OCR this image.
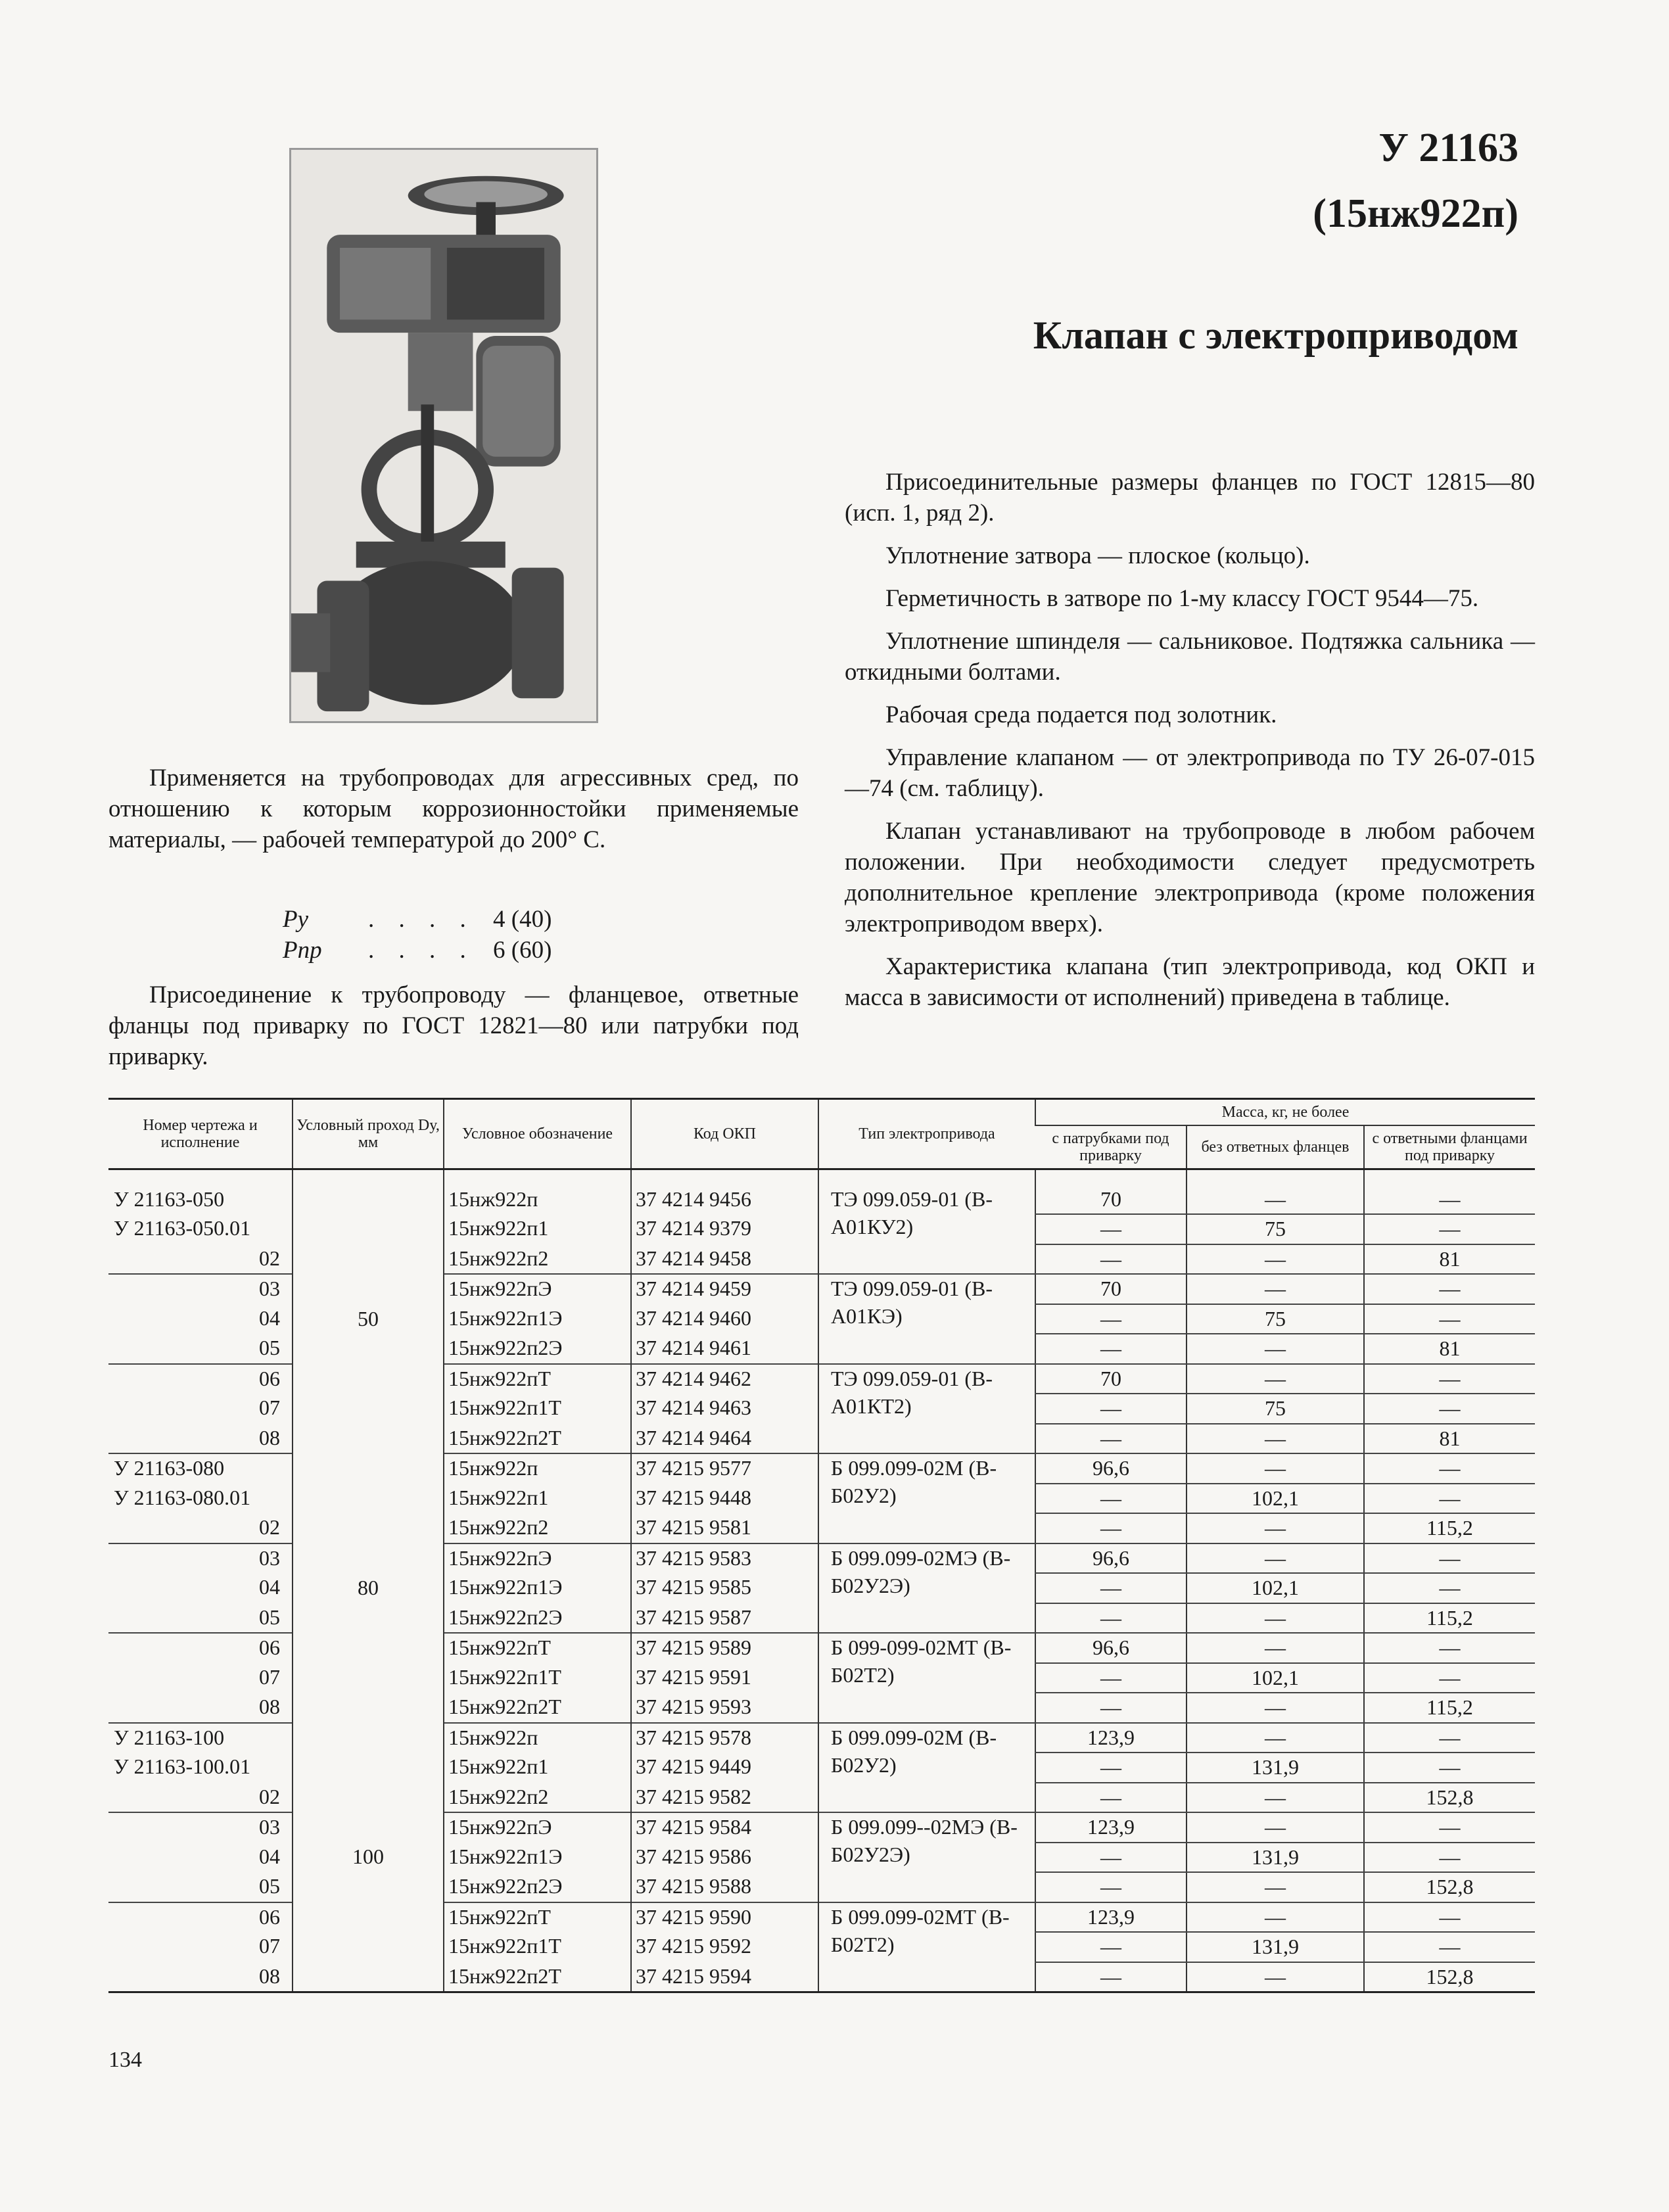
У 21163
(15нж922п)
Клапан с электроприводом

Применяется на трубопроводах для агрессивных сред, по отношению к которым коррозионностойки применяемые материалы, — рабочей температурой до 200° С.

Pу	. . . . 4 (40)
Pпр	. . . . 6 (60)

Присоединение к трубопроводу — фланцевое, ответные фланцы под приварку по ГОСТ 12821—80 или патрубки под приварку.

Присоединительные размеры фланцев по ГОСТ 12815—80 (исп. 1, ряд 2).

Уплотнение затвора — плоское (кольцо).

Герметичность в затворе по 1-му классу ГОСТ 9544—75.

Уплотнение шпинделя — сальниковое. Подтяжка сальника — откидными болтами.

Рабочая среда подается под золотник.

Управление клапаном — от электропривода по ТУ 26-07-015—74 (см. таблицу).

Клапан устанавливают на трубопроводе в любом рабочем положении. При необходимости следует предусмотреть дополнительное крепление электропривода (кроме положения электроприводом вверх).

Характеристика клапана (тип электропривода, код ОКП и масса в зависимости от исполнений) приведена в таблице.

Номер чертежа и исполнение	Условный проход Dу, мм	Условное обозначение	Код ОКП	Тип электропривода	Масса, кг, не более		
					с патрубками под приварку	без ответных фланцев	с ответными фланцами под приварку

У 21163-050	50	15нж922п	37 4214 9456	ТЭ 099.059-01 (В-А01КУ2)	70	—	—
У 21163-050.01		15нж922п1	37 4214 9379		—	75	—
02		15нж922п2	37 4214 9458		—	—	81
03		15нж922пЭ	37 4214 9459	ТЭ 099.059-01 (В-А01КЭ)	70	—	—
04		15нж922п1Э	37 4214 9460		—	75	—
05		15нж922п2Э	37 4214 9461		—	—	81
06		15нж922пТ	37 4214 9462	ТЭ 099.059-01 (В-А01КТ2)	70	—	—
07		15нж922п1Т	37 4214 9463		—	75	—
08		15нж922п2Т	37 4214 9464		—	—	81
У 21163-080	80	15нж922п	37 4215 9577	Б 099.099-02М (В-Б02У2)	96,6	—	—
У 21163-080.01		15нж922п1	37 4215 9448		—	102,1	—
02		15нж922п2	37 4215 9581		—	—	115,2
03		15нж922пЭ	37 4215 9583	Б 099.099-02МЭ (В-Б02У2Э)	96,6	—	—
04		15нж922п1Э	37 4215 9585		—	102,1	—
05		15нж922п2Э	37 4215 9587		—	—	115,2
06		15нж922пТ	37 4215 9589	Б 099-099-02МТ (В-Б02Т2)	96,6	—	—
07		15нж922п1Т	37 4215 9591		—	102,1	—
08		15нж922п2Т	37 4215 9593		—	—	115,2
У 21163-100	100	15нж922п	37 4215 9578	Б 099.099-02М (В-Б02У2)	123,9	—	—
У 21163-100.01		15нж922п1	37 4215 9449		—	131,9	—
02		15нж922п2	37 4215 9582		—	—	152,8
03		15нж922пЭ	37 4215 9584	Б 099.099--02МЭ (В-Б02У2Э)	123,9	—	—
04		15нж922п1Э	37 4215 9586		—	131,9	—
05		15нж922п2Э	37 4215 9588		—	—	152,8
06		15нж922пТ	37 4215 9590	Б 099.099-02МТ (В-Б02Т2)	123,9	—	—
07		15нж922п1Т	37 4215 9592		—	131,9	—
08		15нж922п2Т	37 4215 9594		—	—	152,8

134
